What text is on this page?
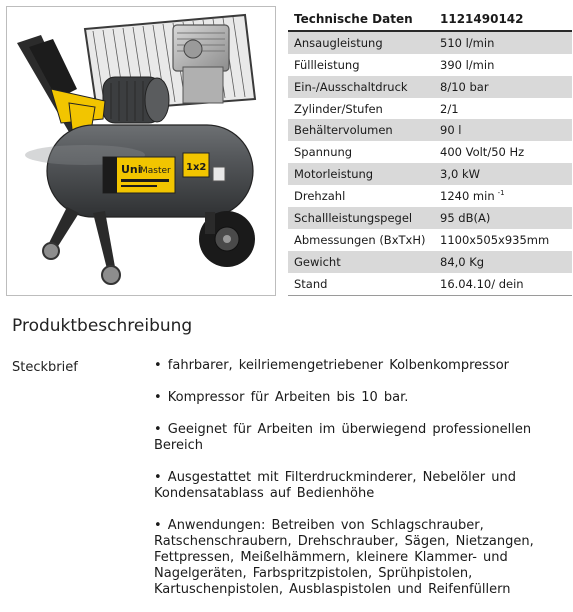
Uni
Master 1x2
Technische Daten	1121490142
Ansaugleistung	510 l/min
Füllleistung	390 l/min
Ein-/Ausschaltdruck	8/10 bar
Zylinder/Stufen	2/1
Behältervolumen	90 l
Spannung	400 Volt/50 Hz
Motorleistung	3,0 kW
Drehzahl	1240 min $^{-1}$
Schallleistungspegel	95 dB(A)
Abmessungen (BxTxH)	1100x505x935mm
Gewicht	84,0 Kg
Stand	16.04.10/ dein
Produktbeschreibung
Steckbrief	• fahrbarer, keilriemengetriebener Kolbenkompressor
• Kompressor für Arbeiten bis 10 bar.
• Geeignet für Arbeiten im überwiegend professionellen Bereich
• Ausgestattet mit Filterdruckminderer, Nebelöler und Kondensatablass auf Bedienhöhe
• Anwendungen: Betreiben von Schlagschrauber, Ratschenschraubern, Drehschrauber, Sägen, Nietzangen, Fettpressen, Meißelhämmern, kleinere Klammer- und Nagelgeräten, Farbspritzpistolen, Sprühpistolen, Kartuschenpistolen, Ausblaspistolen und Reifenfüllern
